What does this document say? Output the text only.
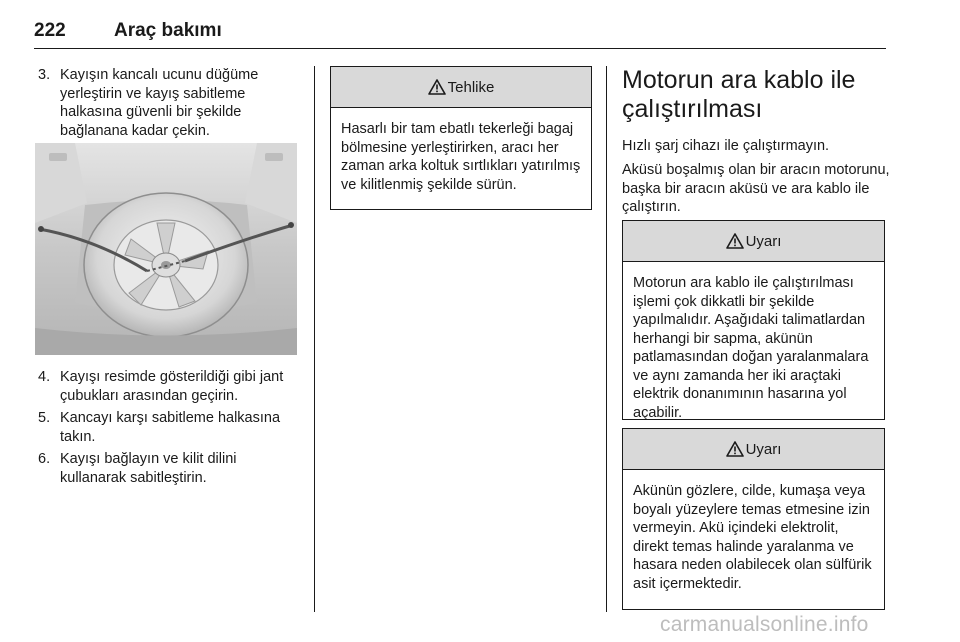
222	Araç bakımı
3. Kayışın kancalı ucunu düğüme yerleştirin ve kayış sabitleme halkasına güvenli bir şekilde bağlanana kadar çekin.
4. Kayışı resimde gösterildiği gibi jant çubukları arasından geçirin.
5. Kancayı karşı sabitleme halkasına takın.
6. Kayışı bağlayın ve kilit dilini kullanarak sabitleştirin.
Tehlike
Hasarlı bir tam ebatlı tekerleği bagaj bölmesine yerleştirirken, aracı her zaman arka koltuk sırtlıkları yatırılmış ve kilitlenmiş şekilde sürün.
Motorun ara kablo ile çalıştırılması
Hızlı şarj cihazı ile çalıştırmayın.
Aküsü boşalmış olan bir aracın motorunu, başka bir aracın aküsü ve ara kablo ile çalıştırın.
Uyarı
Motorun ara kablo ile çalıştırılması işlemi çok dikkatli bir şekilde yapılmalıdır. Aşağıdaki talimatlardan herhangi bir sapma, akünün patlamasından doğan yaralanmalara ve aynı zamanda her iki araçtaki elektrik donanımının hasarına yol açabilir.
Uyarı
Akünün gözlere, cilde, kumaşa veya boyalı yüzeylere temas etmesine izin vermeyin. Akü içindeki elektrolit, direkt temas halinde yaralanma ve hasara neden olabilecek olan sülfürik asit içermektedir.
carmanualsonline.info
